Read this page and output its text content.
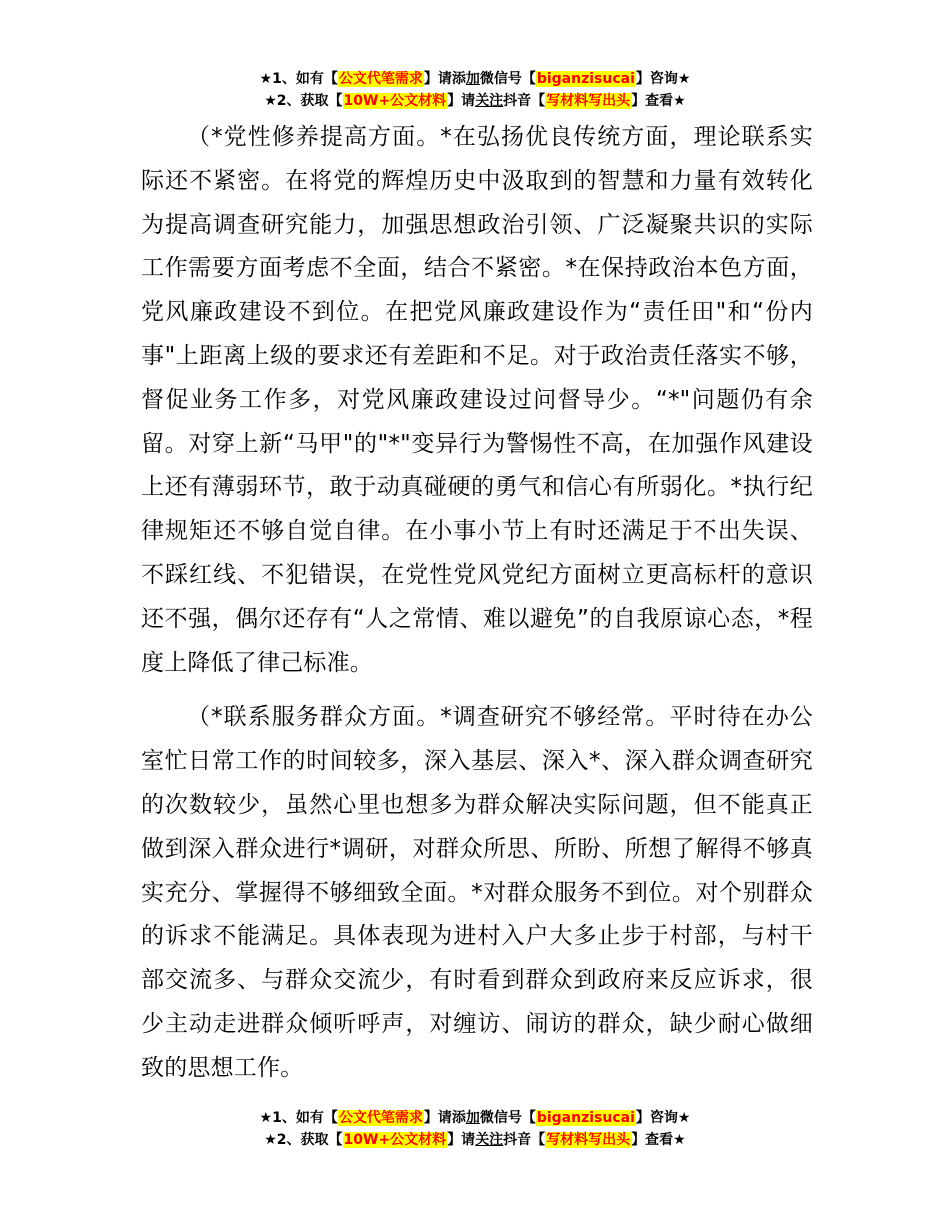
★1、如有【公文代笔需求】请添加微信号【biganzisucai】咨询★
★2、获取【10W+公文材料】请关注抖音【写材料写出头】查看★

（*党性修养提高方面。*在弘扬优良传统方面，理论联系实际还不紧密。在将党的辉煌历史中汲取到的智慧和力量有效转化为提高调查研究能力，加强思想政治引领、广泛凝聚共识的实际工作需要方面考虑不全面，结合不紧密。*在保持政治本色方面，党风廉政建设不到位。在把党风廉政建设作为“责任田"和“份内事"上距离上级的要求还有差距和不足。对于政治责任落实不够，督促业务工作多，对党风廉政建设过问督导少。“*"问题仍有余留。对穿上新“马甲"的"*"变异行为警惕性不高，在加强作风建设上还有薄弱环节，敢于动真碰硬的勇气和信心有所弱化。*执行纪律规矩还不够自觉自律。在小事小节上有时还满足于不出失误、不踩红线、不犯错误，在党性党风党纪方面树立更高标杆的意识还不强，偶尔还存有“人之常情、难以避免”的自我原谅心态，*程度上降低了律己标准。

（*联系服务群众方面。*调查研究不够经常。平时待在办公室忙日常工作的时间较多，深入基层、深入*、深入群众调查研究的次数较少，虽然心里也想多为群众解决实际问题，但不能真正做到深入群众进行*调研，对群众所思、所盼、所想了解得不够真实充分、掌握得不够细致全面。*对群众服务不到位。对个别群众的诉求不能满足。具体表现为进村入户大多止步于村部，与村干部交流多、与群众交流少，有时看到群众到政府来反应诉求，很少主动走进群众倾听呼声，对缠访、闹访的群众，缺少耐心做细致的思想工作。

★1、如有【公文代笔需求】请添加微信号【biganzisucai】咨询★
★2、获取【10W+公文材料】请关注抖音【写材料写出头】查看★
